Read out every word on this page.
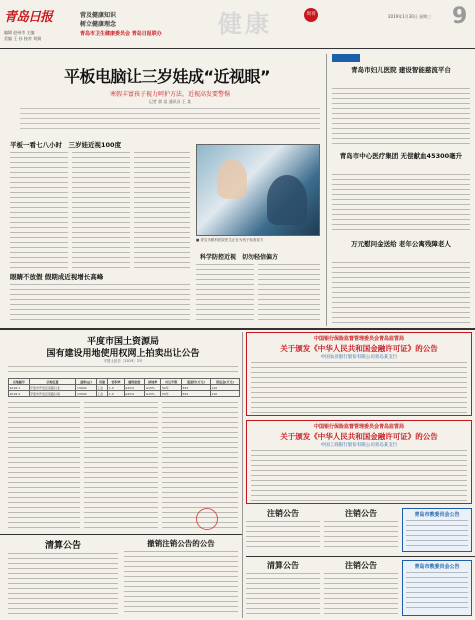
青岛日报
编辑 赵州市 主编
美编 王 孙 校对 刘娟
营及健康知识
树立健康理念
青岛市卫生健康委员会 青岛日报联办 健康	周刊	2019年1月30日 星期三 9
平板电脑让三岁娃成“近视眼”
寒假丰富孩子视力呵护方法，近视高发要警惕
记者 郭 某 通讯员 王 某
平板一看七八小时　三岁娃近视100度
眼睛不放假 假期成近视增长高峰
■ 青岛市眼科医院医生正在为孩子检查视力
科学防控近视　切勿轻信偏方
青岛市妇儿医院 建设智能慈流平台
青岛市中心医疗集团 无偿献血45300毫升
万元慰问金送给 老年公寓残障老人
平度市国土资源局
国有建设用地使用权网上拍卖出让公告
平国土拍告〔2019〕2号
宗地编号	宗地位置	面积(㎡)	用途	容积率	建筑密度	绿地率	出让年限	起始价(万元)	保证金(万元)
2018-1	平度市开发区某路以北	13040	工业	1.0	≥40%	≤15%	50年	550	110
2018-2	平度市开发区某路以南	13040	工业	1.0	≥40%	≤15%	50年	550	110
中国银行保险监督管理委员会青岛监管局
关于颁发《中华人民共和国金融许可证》的公告
中国农业银行股份有限公司青岛某支行
中国银行保险监督管理委员会青岛监管局
关于颁发《中华人民共和国金融许可证》的公告
中国工商银行股份有限公司青岛某支行
注销公告	注销公告	青岛市教委员会公告
清算公告	撤销注销公告的公告
清算公告	注销公告	青岛市教委员会公告
